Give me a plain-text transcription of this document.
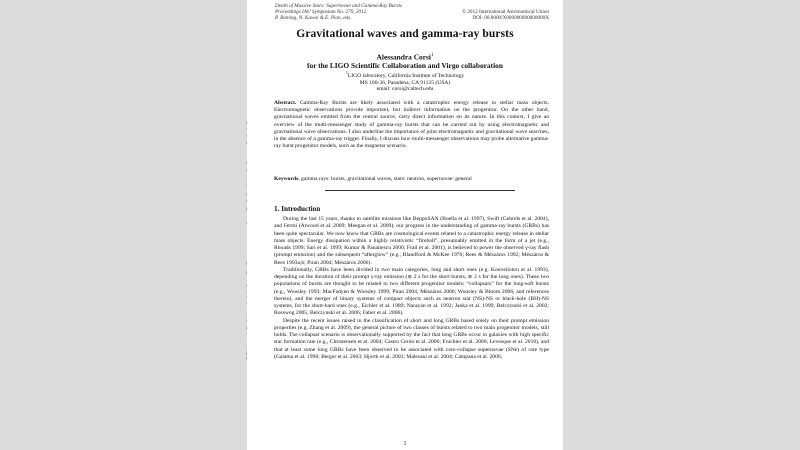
Death of Massive Stars: Supernovae and Gamma-Ray Bursts
Proceedings IAU Symposium No. 279, 2012
P. Roming, N. Kawai & E. Pian, eds.
© 2012 International Astronomical Union
DOI: 00.0000/X000000000000000X
Gravitational waves and gamma-ray bursts
Alessandra Corsi$^1$
for the LIGO Scientific Collaboration and Virgo collaboration
$^1$LIGO laboratory, California Institute of Technology
MS 100-36, Pasadena, CA 91125 (USA)
email: corsi@caltech.edu
Abstract. Gamma-Ray Bursts are likely associated with a catastrophic energy release in stellar mass objects. Electromagnetic observations provide important, but indirect information on the progenitor. On the other hand, gravitational waves emitted from the central source, carry direct information on its nature. In this context, I give an overview of the multi-messenger study of gamma-ray bursts that can be carried out by using electromagnetic and gravitational wave observations. I also underline the importance of joint electromagnetic and gravitational wave searches, in the absence of a gamma-ray trigger. Finally, I discuss how multi-messenger observations may probe alternative gamma-ray burst progenitor models, such as the magnetar scenario.
Keywords. gamma rays: bursts, gravitational waves, stars: neutron, supernovae: general
1. Introduction

During the last 15 years, thanks to satellite missions like BeppoSAX (Boella et al. 1997), Swift (Gehrels et al. 2004), and Fermi (Atwood et al. 2009; Meegan et al. 2009), our progress in the understanding of gamma-ray bursts (GRBs) has been quite spectacular. We now know that GRBs are cosmological events related to a catastrophic energy release in stellar mass objects. Energy dissipation within a highly relativistic “fireball”, presumably emitted in the form of a jet (e.g., Rhoads 1999; Sari et al. 1999; Kumar & Panaitescu 2000; Frail et al. 2001), is believed to power the observed γ-ray flash (prompt emission) and the subsequent “afterglow” (e.g., Blandford & McKee 1976; Rees & Mészáros 1992; Mészáros & Rees 1993a,b; Piran 2004; Mészáros 2006).

Traditionally, GRBs have been divided in two main categories, long and short ones (e.g. Kouveliotou et al. 1993), depending on the duration of their prompt γ-ray emission (≲ 2 s for the short bursts, ≳ 2 s for the long ones). These two populations of bursts are thought to be related to two different progenitor models: “collapsars” for the long-soft bursts (e.g., Woosley 1993; MacFadyen & Woosley 1999; Piran 2004; Mészáros 2006; Woosley & Bloom 2006, and references therein), and the merger of binary systems of compact objects such as neutron star (NS)-NS or black-hole (BH)-NS systems, for the short-hard ones (e.g., Eichler et al. 1989; Narayan et al. 1992; Janka et al. 1999; Belczynski et al. 2002; Rosswog 2005; Belczynski et al. 2006; Faber et al. 2006).

Despite the recent issues raised in the classification of short and long GRBs based solely on their prompt emission properties (e.g, Zhang et al. 2009), the general picture of two classes of bursts related to two main progenitor models, still holds. The collapsar scenario is observationally supported by the fact that long GRBs occur in galaxies with high specific star formation rate (e.g., Christensen et al. 2004; Castro Cerón et al. 2006; Fruchter et al. 2006; Levesque et al. 2010), and that at least some long GRBs have been observed to be associated with core-collapse supernovae (SNe) of rare type (Galama et al. 1998; Berger et al. 2003; Hjorth et al. 2003; Malesani et al. 2004; Campana et al. 2006;

1
